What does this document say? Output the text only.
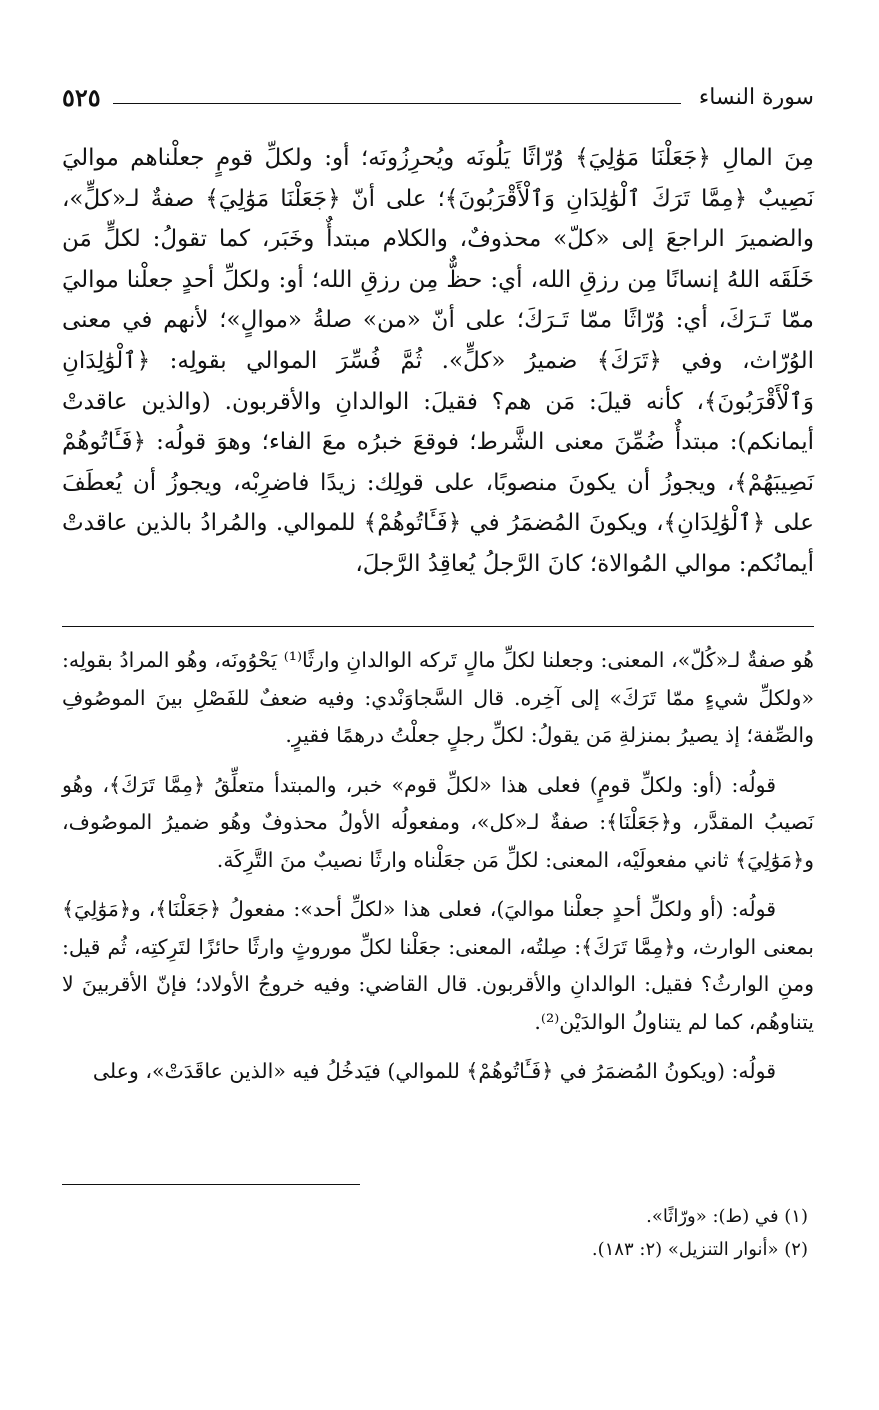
سورة النساء
٥٢٥

مِنَ المالِ ﴿جَعَلْنَا مَوَٰلِيَ﴾ وُرّاثًا يَلُونَه ويُحرِزُونَه؛ أو: ولكلِّ قومٍ جعلْناهم مواليَ نَصِيبٌ ﴿مِمَّا تَرَكَ ٱلْوَٰلِدَانِ وَٱلْأَقْرَبُونَ﴾؛ على أنّ ﴿جَعَلْنَا مَوَٰلِيَ﴾ صفةٌ لـ«كلٍّ»، والضميرَ الراجعَ إلى «كلّ» محذوفٌ، والكلام مبتدأٌ وخَبَر، كما تقولُ: لكلٍّ مَن خَلَقَه اللهُ إنسانًا مِن رزقِ الله، أي: حظٌّ مِن رزقِ الله؛ أو: ولكلِّ أحدٍ جعلْنا مواليَ ممّا تَـرَكَ، أي: وُرّاثًا ممّا تَـرَكَ؛ على أنّ «من» صلةُ «موالٍ»؛ لأنهم في معنى الوُرّاث، وفي ﴿تَرَكَ﴾ ضميرُ «كلٍّ». ثُمَّ فُسِّرَ الموالي بقولِه: ﴿ٱلْوَٰلِدَانِ وَٱلْأَقْرَبُونَ﴾، كأنه قيلَ: مَن هم؟ فقيلَ: الوالدانِ والأقربون. (والذين عاقدتْ أيمانكم): مبتدأٌ ضُمِّنَ معنى الشَّرط؛ فوقعَ خبرُه معَ الفاء؛ وهوَ قولُه: ﴿فَـَٔاتُوهُمْ نَصِيبَهُمْ﴾، ويجوزُ أن يكونَ منصوبًا، على قولِك: زيدًا فاضرِبْه، ويجوزُ أن يُعطَفَ على ﴿ٱلْوَٰلِدَانِ﴾، ويكونَ المُضمَرُ في ﴿فَـَٔاتُوهُمْ﴾ للموالي. والمُرادُ بالذين عاقدتْ أيمانُكم: موالي المُوالاة؛ كانَ الرَّجلُ يُعاقِدُ الرَّجلَ،

هُو صفةٌ لـ«كُلّ»، المعنى: وجعلنا لكلِّ مالٍ تَركه الوالدانِ وارثًا⁽¹⁾ يَحْوُونَه، وهُو المرادُ بقولِه: «ولكلِّ شيءٍ ممّا تَرَكَ» إلى آخِره. قال السَّجاوَنْدي: وفيه ضعفٌ للفَصْلِ بينَ الموصُوفِ والصِّفة؛ إذ يصيرُ بمنزلةِ مَن يقولُ: لكلِّ رجلٍ جعلْتُ درهمًا فقيرٍ.

قولُه: (أو: ولكلِّ قومٍ) فعلى هذا «لكلِّ قوم» خبر، والمبتدأ متعلِّقُ ﴿مِمَّا تَرَكَ﴾، وهُو نَصيبُ المقدَّر، و﴿جَعَلْنَا﴾: صفةٌ لـ«كل»، ومفعولُه الأولُ محذوفٌ وهُو ضميرُ الموصُوف، و﴿مَوَٰلِيَ﴾ ثاني مفعولَيْه، المعنى: لكلِّ مَن جعَلْناه وارثًا نصيبٌ منَ التَّرِكَة.

قولُه: (أو ولكلِّ أحدٍ جعلْنا مواليَ)، فعلى هذا «لكلِّ أحد»: مفعولُ ﴿جَعَلْنَا﴾، و﴿مَوَٰلِيَ﴾ بمعنى الوارث، و﴿مِمَّا تَرَكَ﴾: صِلتُه، المعنى: جعَلْنا لكلِّ موروثٍ وارثًا حائزًا لتَرِكتِه، ثُم قيل: ومنِ الوارثُ؟ فقيل: الوالدانِ والأقربون. قال القاضي: وفيه خروجُ الأولاد؛ فإنّ الأقربينَ لا يتناوهُم، كما لم يتناولُ الوالدَيْن⁽²⁾.

قولُه: (ويكونُ المُضمَرُ في ﴿فَـَٔاتُوهُمْ﴾ للموالي) فيَدخُلُ فيه «الذين عاقَدَتْ»، وعلى

(١) في (ط): «ورّاثًا».
(٢) «أنوار التنزيل» (٢: ١٨٣).
